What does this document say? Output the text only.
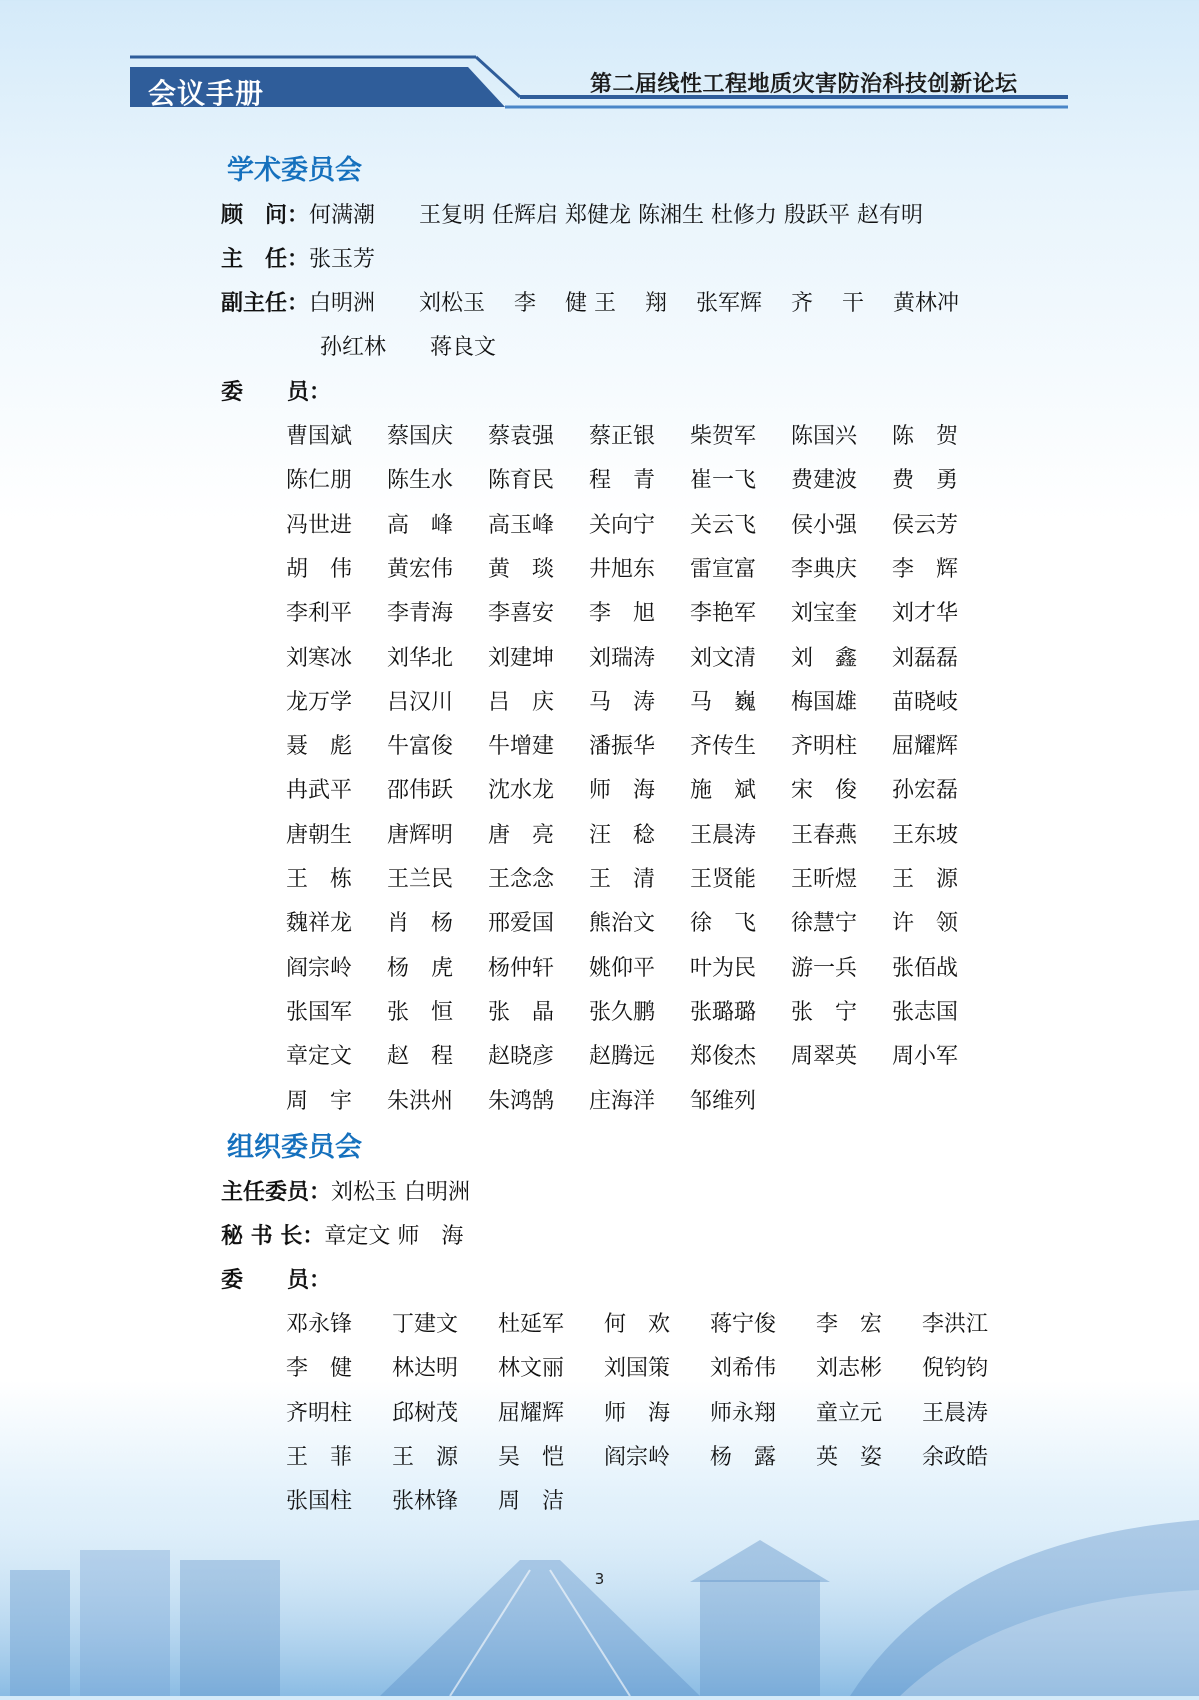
会议手册	第二届线性工程地质灾害防治科技创新论坛
学术委员会
顾　问：何满潮　　王复明 任辉启 郑健龙 陈湘生 杜修力 殷跃平 赵有明
主　任：张玉芳
副主任：白明洲　　刘松玉　 李　 健 王　 翔　 张军辉　 齐　 干　 黄林冲
孙红林　　蒋良文
委　　员：
曹国斌	蔡国庆	蔡袁强	蔡正银	柴贺军	陈国兴	陈　贺
陈仁朋	陈生水	陈育民	程　青	崔一飞	费建波	费　勇
冯世进	高　峰	高玉峰	关向宁	关云飞	侯小强	侯云芳
胡　伟	黄宏伟	黄　琰	井旭东	雷宣富	李典庆	李　辉
李利平	李青海	李喜安	李　旭	李艳军	刘宝奎	刘才华
刘寒冰	刘华北	刘建坤	刘瑞涛	刘文清	刘　鑫	刘磊磊
龙万学	吕汉川	吕　庆	马　涛	马　巍	梅国雄	苗晓岐
聂　彪	牛富俊	牛增建	潘振华	齐传生	齐明柱	屈耀辉
冉武平	邵伟跃	沈水龙	师　海	施　斌	宋　俊	孙宏磊
唐朝生	唐辉明	唐　亮	汪　稔	王晨涛	王春燕	王东坡
王　栋	王兰民	王念念	王　清	王贤能	王昕煜	王　源
魏祥龙	肖　杨	邢爱国	熊治文	徐　飞	徐慧宁	许　领
阎宗岭	杨　虎	杨仲轩	姚仰平	叶为民	游一兵	张佰战
张国军	张　恒	张　晶	张久鹏	张璐璐	张　宁	张志国
章定文	赵　程	赵晓彦	赵腾远	郑俊杰	周翠英	周小军
周　宇	朱洪州	朱鸿鹄	庄海洋	邹维列
组织委员会
主任委员：刘松玉 白明洲
秘 书 长：章定文 师　海
委　　员：
邓永锋	丁建文	杜延军	何　欢	蒋宁俊	李　宏	李洪江
李　健	林达明	林文丽	刘国策	刘希伟	刘志彬	倪钧钧
齐明柱	邱树茂	屈耀辉	师　海	师永翔	童立元	王晨涛
王　菲	王　源	吴　恺	阎宗岭	杨　露	英　姿	余政皓
3
